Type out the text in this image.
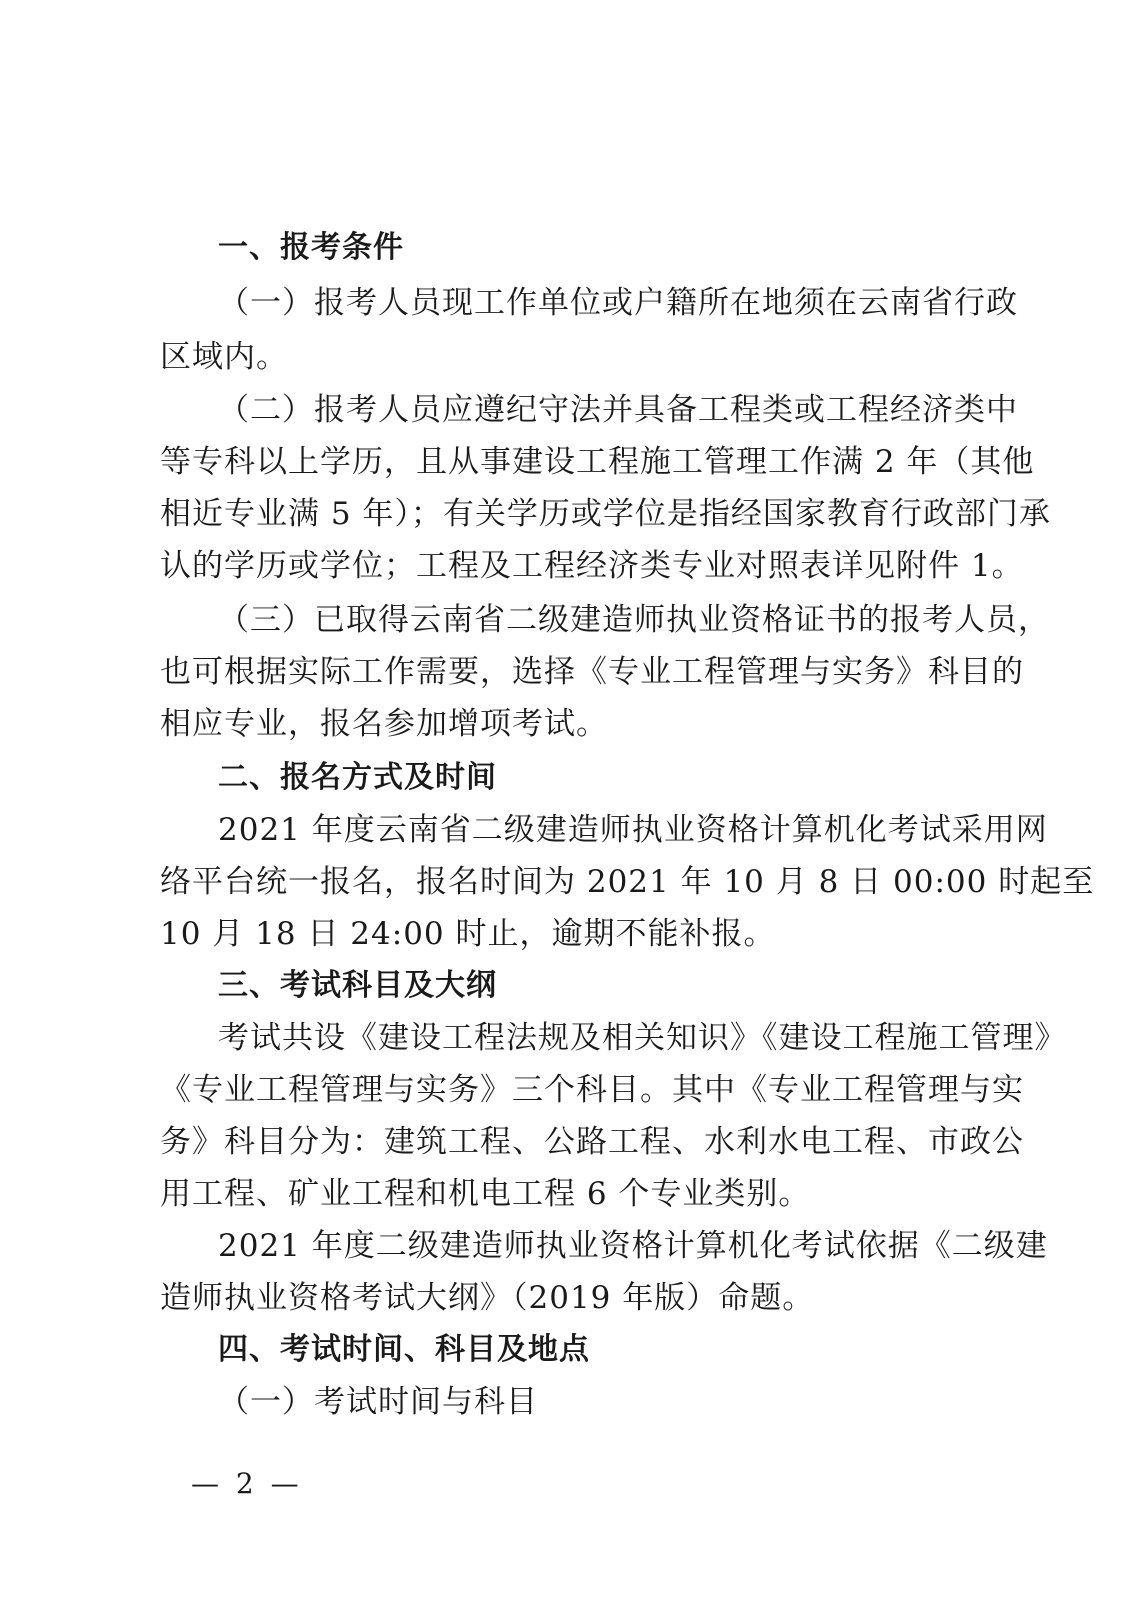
一、报考条件
（一）报考人员现工作单位或户籍所在地须在云南省行政
区域内。
（二）报考人员应遵纪守法并具备工程类或工程经济类中
等专科以上学历，且从事建设工程施工管理工作满 2 年（其他
相近专业满 5 年）；有关学历或学位是指经国家教育行政部门承
认的学历或学位；工程及工程经济类专业对照表详见附件 1。
（三）已取得云南省二级建造师执业资格证书的报考人员，
也可根据实际工作需要，选择《专业工程管理与实务》科目的
相应专业，报名参加增项考试。
二、报名方式及时间
2021 年度云南省二级建造师执业资格计算机化考试采用网
络平台统一报名，报名时间为 2021 年 10 月 8 日 00:00 时起至
10 月 18 日 24:00 时止，逾期不能补报。
三、考试科目及大纲
考试共设《建设工程法规及相关知识》《建设工程施工管理》
《专业工程管理与实务》三个科目。其中《专业工程管理与实
务》科目分为：建筑工程、公路工程、水利水电工程、市政公
用工程、矿业工程和机电工程 6 个专业类别。
2021 年度二级建造师执业资格计算机化考试依据《二级建
造师执业资格考试大纲》（2019 年版）命题。
四、考试时间、科目及地点
（一）考试时间与科目
— 2 —
